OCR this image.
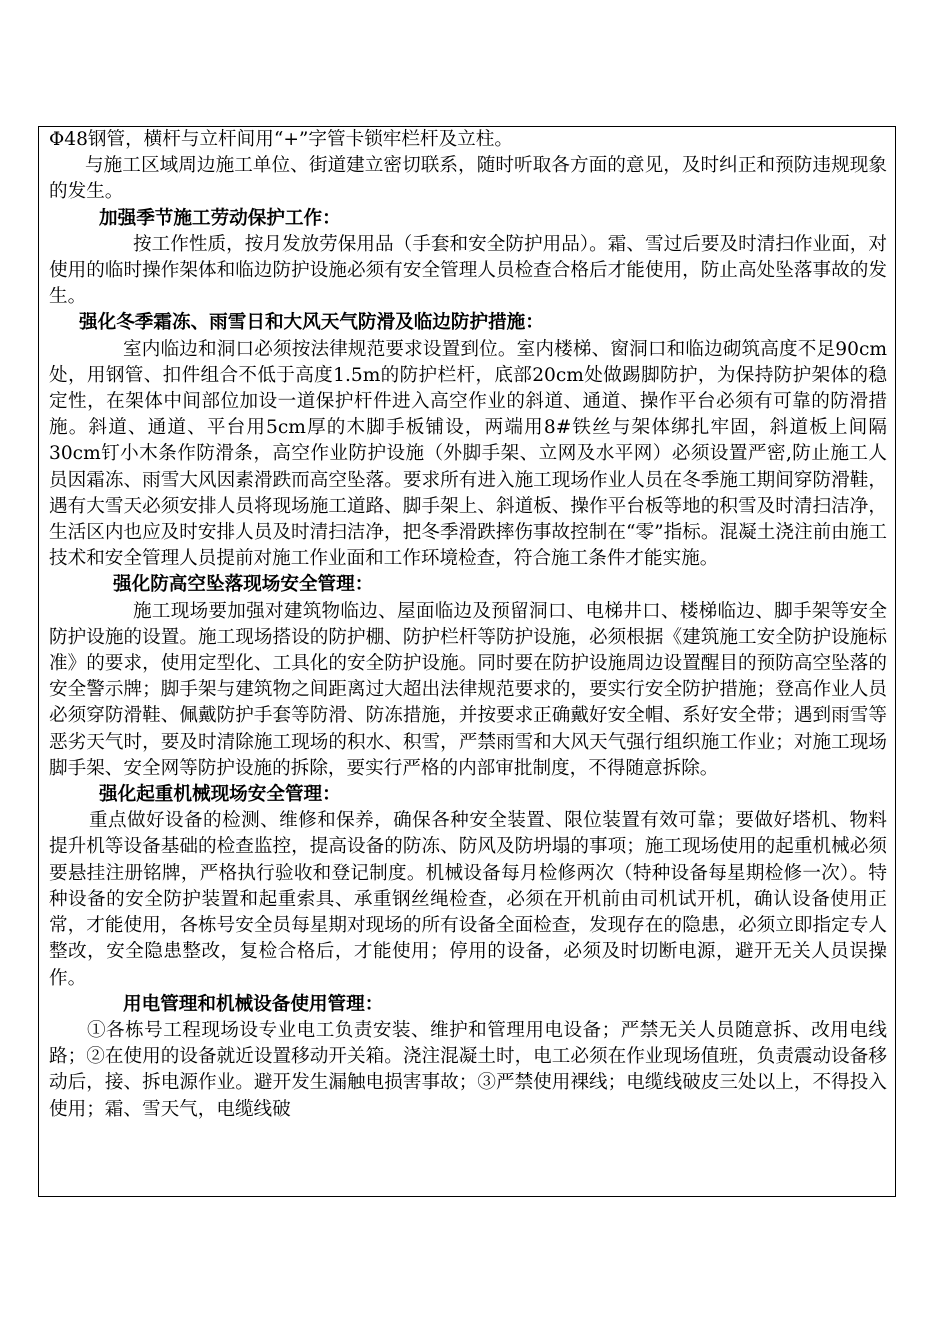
Φ48钢管，横杆与立杆间用“+”字管卡锁牢栏杆及立柱。

与施工区域周边施工单位、街道建立密切联系，随时听取各方面的意见，及时纠正和预防违规现象的发生。

加强季节施工劳动保护工作：

按工作性质，按月发放劳保用品（手套和安全防护用品）。霜、雪过后要及时清扫作业面，对使用的临时操作架体和临边防护设施必须有安全管理人员检查合格后才能使用，防止高处坠落事故的发生。

强化冬季霜冻、雨雪日和大风天气防滑及临边防护措施：

室内临边和洞口必须按法律规范要求设置到位。室内楼梯、窗洞口和临边砌筑高度不足90cm处，用钢管、扣件组合不低于高度1.5m的防护栏杆，底部20cm处做踢脚防护，为保持防护架体的稳定性，在架体中间部位加设一道保护杆件进入高空作业的斜道、通道、操作平台必须有可靠的防滑措施。斜道、通道、平台用5cm厚的木脚手板铺设，两端用8#铁丝与架体绑扎牢固，斜道板上间隔30cm钉小木条作防滑条，高空作业防护设施（外脚手架、立网及水平网）必须设置严密,防止施工人员因霜冻、雨雪大风因素滑跌而高空坠落。要求所有进入施工现场作业人员在冬季施工期间穿防滑鞋，遇有大雪天必须安排人员将现场施工道路、脚手架上、斜道板、操作平台板等地的积雪及时清扫洁净，生活区内也应及时安排人员及时清扫洁净，把冬季滑跌摔伤事故控制在“零”指标。混凝土浇注前由施工技术和安全管理人员提前对施工作业面和工作环境检查，符合施工条件才能实施。

强化防高空坠落现场安全管理：

施工现场要加强对建筑物临边、屋面临边及预留洞口、电梯井口、楼梯临边、脚手架等安全防护设施的设置。施工现场搭设的防护棚、防护栏杆等防护设施，必须根据《建筑施工安全防护设施标准》的要求，使用定型化、工具化的安全防护设施。同时要在防护设施周边设置醒目的预防高空坠落的安全警示牌；脚手架与建筑物之间距离过大超出法律规范要求的，要实行安全防护措施；登高作业人员必须穿防滑鞋、佩戴防护手套等防滑、防冻措施，并按要求正确戴好安全帽、系好安全带；遇到雨雪等恶劣天气时，要及时清除施工现场的积水、积雪，严禁雨雪和大风天气强行组织施工作业；对施工现场脚手架、安全网等防护设施的拆除，要实行严格的内部审批制度，不得随意拆除。

强化起重机械现场安全管理：

重点做好设备的检测、维修和保养，确保各种安全装置、限位装置有效可靠；要做好塔机、物料提升机等设备基础的检查监控，提高设备的防冻、防风及防坍塌的事项；施工现场使用的起重机械必须要悬挂注册铭牌，严格执行验收和登记制度。机械设备每月检修两次（特种设备每星期检修一次）。特种设备的安全防护装置和起重索具、承重钢丝绳检查，必须在开机前由司机试开机，确认设备使用正常，才能使用，各栋号安全员每星期对现场的所有设备全面检查，发现存在的隐患，必须立即指定专人整改，安全隐患整改，复检合格后，才能使用；停用的设备，必须及时切断电源，避开无关人员误操作。

用电管理和机械设备使用管理：

①各栋号工程现场设专业电工负责安装、维护和管理用电设备；严禁无关人员随意拆、改用电线路；②在使用的设备就近设置移动开关箱。浇注混凝土时，电工必须在作业现场值班，负责震动设备移动后，接、拆电源作业。避开发生漏触电损害事故；③严禁使用裸线；电缆线破皮三处以上，不得投入使用；霜、雪天气，电缆线破
